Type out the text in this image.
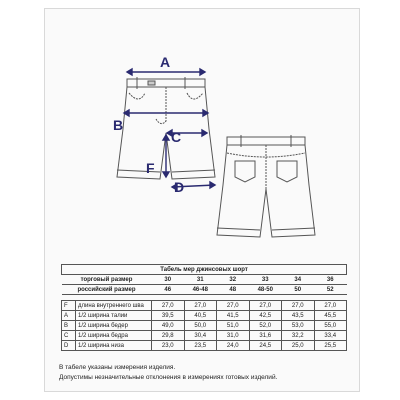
A
B
C
F
D
Табель мер джинсовых шорт						
торговый размер	30	31	32	33	34	36
российский размер	46	46-48	48	48-50	50	52

F	длина внутреннего шва	27,0	27,0	27,0	27,0	27,0	27,0
A	1/2 ширина талии	39,5	40,5	41,5	42,5	43,5	45,5
B	1/2 ширина бедер	49,0	50,0	51,0	52,0	53,0	55,0
C	1/2 ширина бедра	29,8	30,4	31,0	31,6	32,2	33,4
D	1/2 ширина низа	23,0	23,5	24,0	24,5	25,0	25,5
В табеле указаны измерения изделия.
Допустимы незначительные отклонения в измерениях готовых изделий.
